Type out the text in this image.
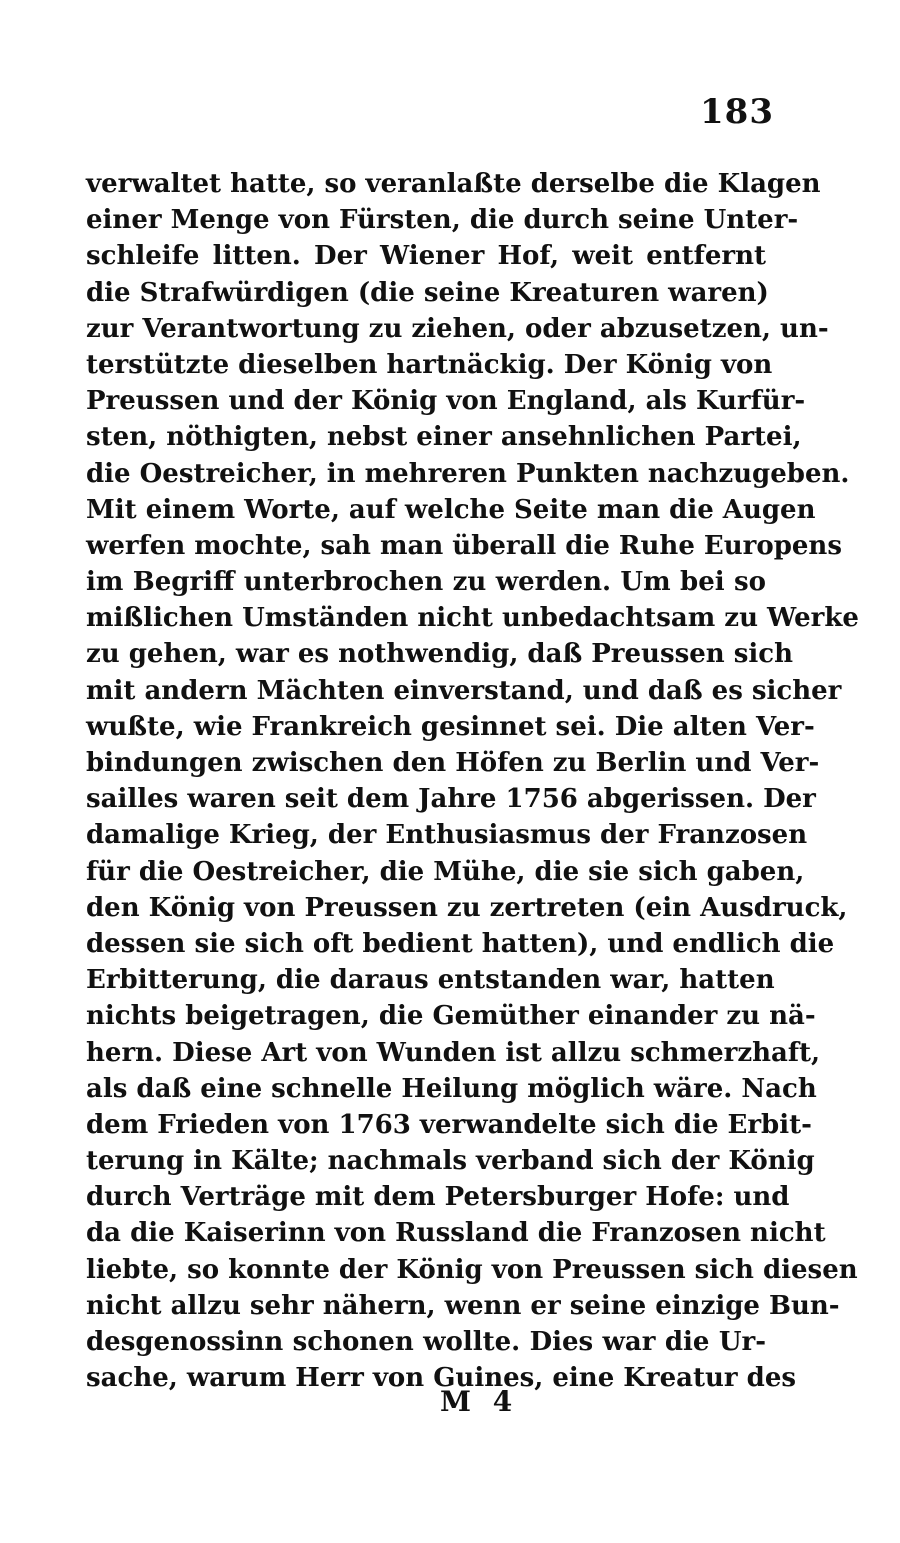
183
verwaltet hatte, so veranlaßte derselbe die Klagen
einer Menge von Fürsten, die durch seine Unter-
schleife litten. Der Wiener Hof, weit entfernt
die Strafwürdigen (die seine Kreaturen waren)
zur Verantwortung zu ziehen, oder abzusetzen, un-
terstützte dieselben hartnäckig. Der König von
Preussen und der König von England, als Kurfür-
sten, nöthigten, nebst einer ansehnlichen Partei,
die Oestreicher, in mehreren Punkten nachzugeben.
Mit einem Worte, auf welche Seite man die Augen
werfen mochte, sah man überall die Ruhe Europens
im Begriff unterbrochen zu werden. Um bei so
mißlichen Umständen nicht unbedachtsam zu Werke
zu gehen, war es nothwendig, daß Preussen sich
mit andern Mächten einverstand, und daß es sicher
wußte, wie Frankreich gesinnet sei. Die alten Ver-
bindungen zwischen den Höfen zu Berlin und Ver-
sailles waren seit dem Jahre 1756 abgerissen. Der
damalige Krieg, der Enthusiasmus der Franzosen
für die Oestreicher, die Mühe, die sie sich gaben,
den König von Preussen zu zertreten (ein Ausdruck,
dessen sie sich oft bedient hatten), und endlich die
Erbitterung, die daraus entstanden war, hatten
nichts beigetragen, die Gemüther einander zu nä-
hern. Diese Art von Wunden ist allzu schmerzhaft,
als daß eine schnelle Heilung möglich wäre. Nach
dem Frieden von 1763 verwandelte sich die Erbit-
terung in Kälte; nachmals verband sich der König
durch Verträge mit dem Petersburger Hofe: und
da die Kaiserinn von Russland die Franzosen nicht
liebte, so konnte der König von Preussen sich diesen
nicht allzu sehr nähern, wenn er seine einzige Bun-
desgenossinn schonen wollte. Dies war die Ur-
sache, warum Herr von Guines, eine Kreatur des
M 4
